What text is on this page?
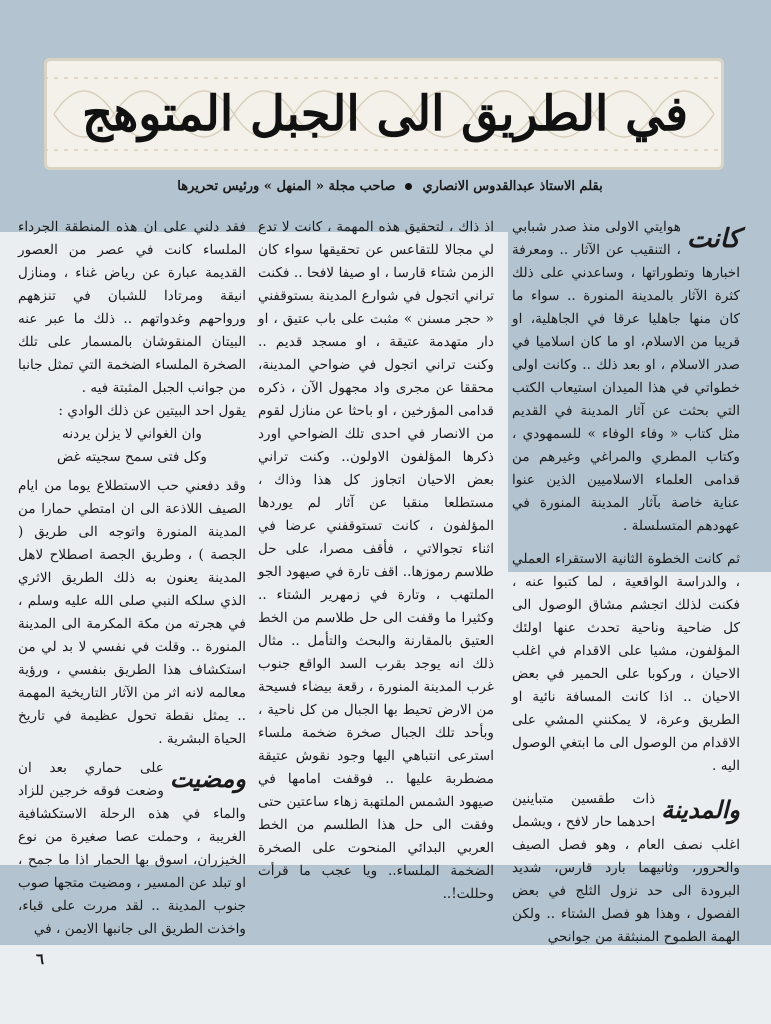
في الطريق الى الجبل المتوهج
بقلم الاستاذ عبدالقدوس الانصاريصاحب مجلة « المنهل » ورئيس تحريرها
كانت

هوايتي الاولى منذ صدر شبابي ، التنقيب عن الآثار .. ومعرفة اخبارها وتطوراتها ، وساعدني على ذلك كثرة الآثار بالمدينة المنورة .. سواء ما كان منها جاهليا عرقا في الجاهلية، او قريبا من الاسلام، او ما كان اسلاميا في صدر الاسلام ، او بعد ذلك .. وكانت اولى خطواتي في هذا الميدان استيعاب الكتب التي بحثت عن آثار المدينة في القديم مثل كتاب « وفاء الوفاء » للسمهودي ، وكتاب المطري والمراغي وغيرهم من قدامى العلماء الاسلاميين الذين عنوا عناية خاصة بآثار المدينة المنورة في عهودهم المتسلسلة .

ثم كانت الخطوة الثانية الاستقراء العملي ، والدراسة الواقعية ، لما كتبوا عنه ، فكنت لذلك اتجشم مشاق الوصول الى كل ضاحية وناحية تحدث عنها اولئك المؤلفون، مشيا على الاقدام في اغلب الاحيان ، وركوبا على الحمير في بعض الاحيان .. اذا كانت المسافة نائية او الطريق وعرة، لا يمكنني المشي على الاقدام من الوصول الى ما ابتغي الوصول اليه .

والمدينة

ذات طقسين متباينين احدهما حار لافح ، ويشمل اغلب نصف العام ، وهو فصل الصيف والحرور، وثانيهما بارد قارس، شديد البرودة الى حد نزول الثلج في بعض الفصول ، وهذا هو فصل الشتاء .. ولكن الهمة الطموح المنبثقة من جوانحي

اذ ذاك ، لتحقيق هذه المهمة ، كانت لا تدع لي مجالا للتقاعس عن تحقيقها سواء كان الزمن شتاء قارسا ، او صيفا لافحا .. فكنت تراني اتجول في شوارع المدينة بستوقفني « حجر مسنن » مثبت على باب عتيق ، او دار متهدمة عتيقة ، او مسجد قديم .. وكنت تراني اتجول في ضواحي المدينة، محققا عن مجرى واد مجهول الآن ، ذكره قدامى المؤرخين ، او باحثا عن منازل لقوم من الانصار في احدى تلك الضواحي اورد ذكرها المؤلفون الاولون.. وكنت تراني بعض الاحيان اتجاوز كل هذا وذاك ، مستطلعا منقبا عن آثار لم يوردها المؤلفون ، كانت تستوقفني عرضا في اثناء تجوالاتي ، فأقف مصرا، على حل طلاسم رموزها.. اقف تارة في صيهود الجو الملتهب ، وتارة في زمهرير الشتاء .. وكثيرا ما وقفت الى حل طلاسم من الخط العتيق بالمقارنة والبحث والتأمل .. مثال ذلك انه يوجد بقرب السد الواقع جنوب غرب المدينة المنورة ، رقعة بيضاء فسيحة من الارض تحيط بها الجبال من كل ناحية ، وبأحد تلك الجبال صخرة ضخمة ملساء استرعى انتباهي اليها وجود نقوش عتيقة مضطربة عليها .. فوقفت امامها في صيهود الشمس الملتهبة زهاء ساعتين حتى وفقت الى حل هذا الطلسم من الخط العربي البدائي المنحوت على الصخرة الضخمة الملساء.. ويا عجب ما قرأت وحللت!..

فقد دلني على ان هذه المنطقة الجرداء الملساء كانت في عصر من العصور القديمة عبارة عن رياض غناء ، ومنازل انيقة ومرتادا للشبان في تنزههم ورواحهم وغدواتهم .. ذلك ما عبر عنه البيتان المنقوشان بالمسمار على تلك الصخرة الملساء الضخمة التي تمثل جانبا من جوانب الجبل المثبتة فيه .

يقول احد البيتين عن ذلك الوادي :

وان الغواني لا يزلن يردنه

وكل فتى سمح سجيته غض

وقد دفعني حب الاستطلاع يوما من ايام الصيف اللاذعة الى ان امتطي حمارا من المدينة المنورة واتوجه الى طريق ( الجصة ) ، وطريق الجصة اصطلاح لاهل المدينة يعنون به ذلك الطريق الاثري الذي سلكه النبي صلى الله عليه وسلم ، في هجرته من مكة المكرمة الى المدينة المنورة .. وقلت في نفسي لا بد لي من استكشاف هذا الطريق بنفسي ، ورؤية معالمه لانه اثر من الآثار التاريخية المهمة .. يمثل نقطة تحول عظيمة في تاريخ الحياة البشرية .

ومضيت

على حماري بعد ان وضعت فوقه خرجين للزاد والماء في هذه الرحلة الاستكشافية الغريبة ، وحملت عصا صغيرة من نوع الخيزران، اسوق بها الحمار اذا ما جمح ، او تبلد عن المسير ، ومضيت متجها صوب جنوب المدينة .. لقد مررت على قباء، واخذت الطريق الى جانبها الايمن ، في

٦
